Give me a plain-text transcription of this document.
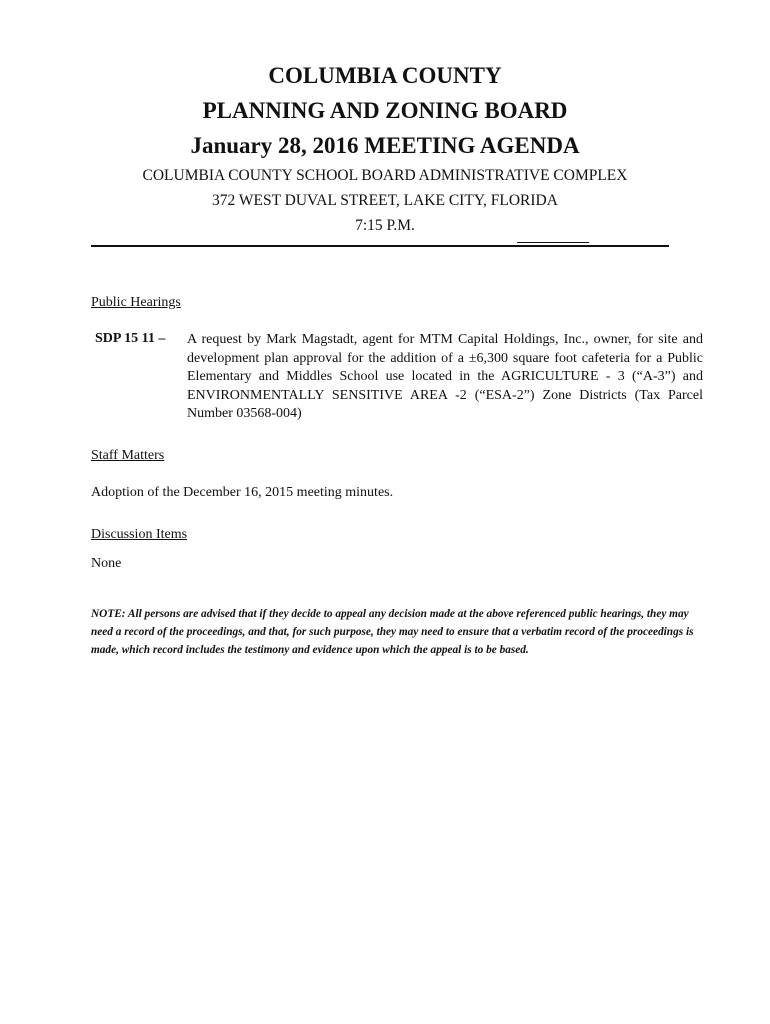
COLUMBIA COUNTY
PLANNING AND ZONING BOARD
January 28, 2016 MEETING AGENDA
COLUMBIA COUNTY SCHOOL BOARD ADMINISTRATIVE COMPLEX
372 WEST DUVAL STREET, LAKE CITY, FLORIDA
7:15 P.M.
Public Hearings
SDP 15 11 – A request by Mark Magstadt, agent for MTM Capital Holdings, Inc., owner, for site and development plan approval for the addition of a ±6,300 square foot cafeteria for a Public Elementary and Middles School use located in the AGRICULTURE - 3 (“A-3”) and ENVIRONMENTALLY SENSITIVE AREA -2 (“ESA-2”) Zone Districts (Tax Parcel Number 03568-004)
Staff Matters
Adoption of the December 16, 2015 meeting minutes.
Discussion Items
None
NOTE: All persons are advised that if they decide to appeal any decision made at the above referenced public hearings, they may need a record of the proceedings, and that, for such purpose, they may need to ensure that a verbatim record of the proceedings is made, which record includes the testimony and evidence upon which the appeal is to be based.
